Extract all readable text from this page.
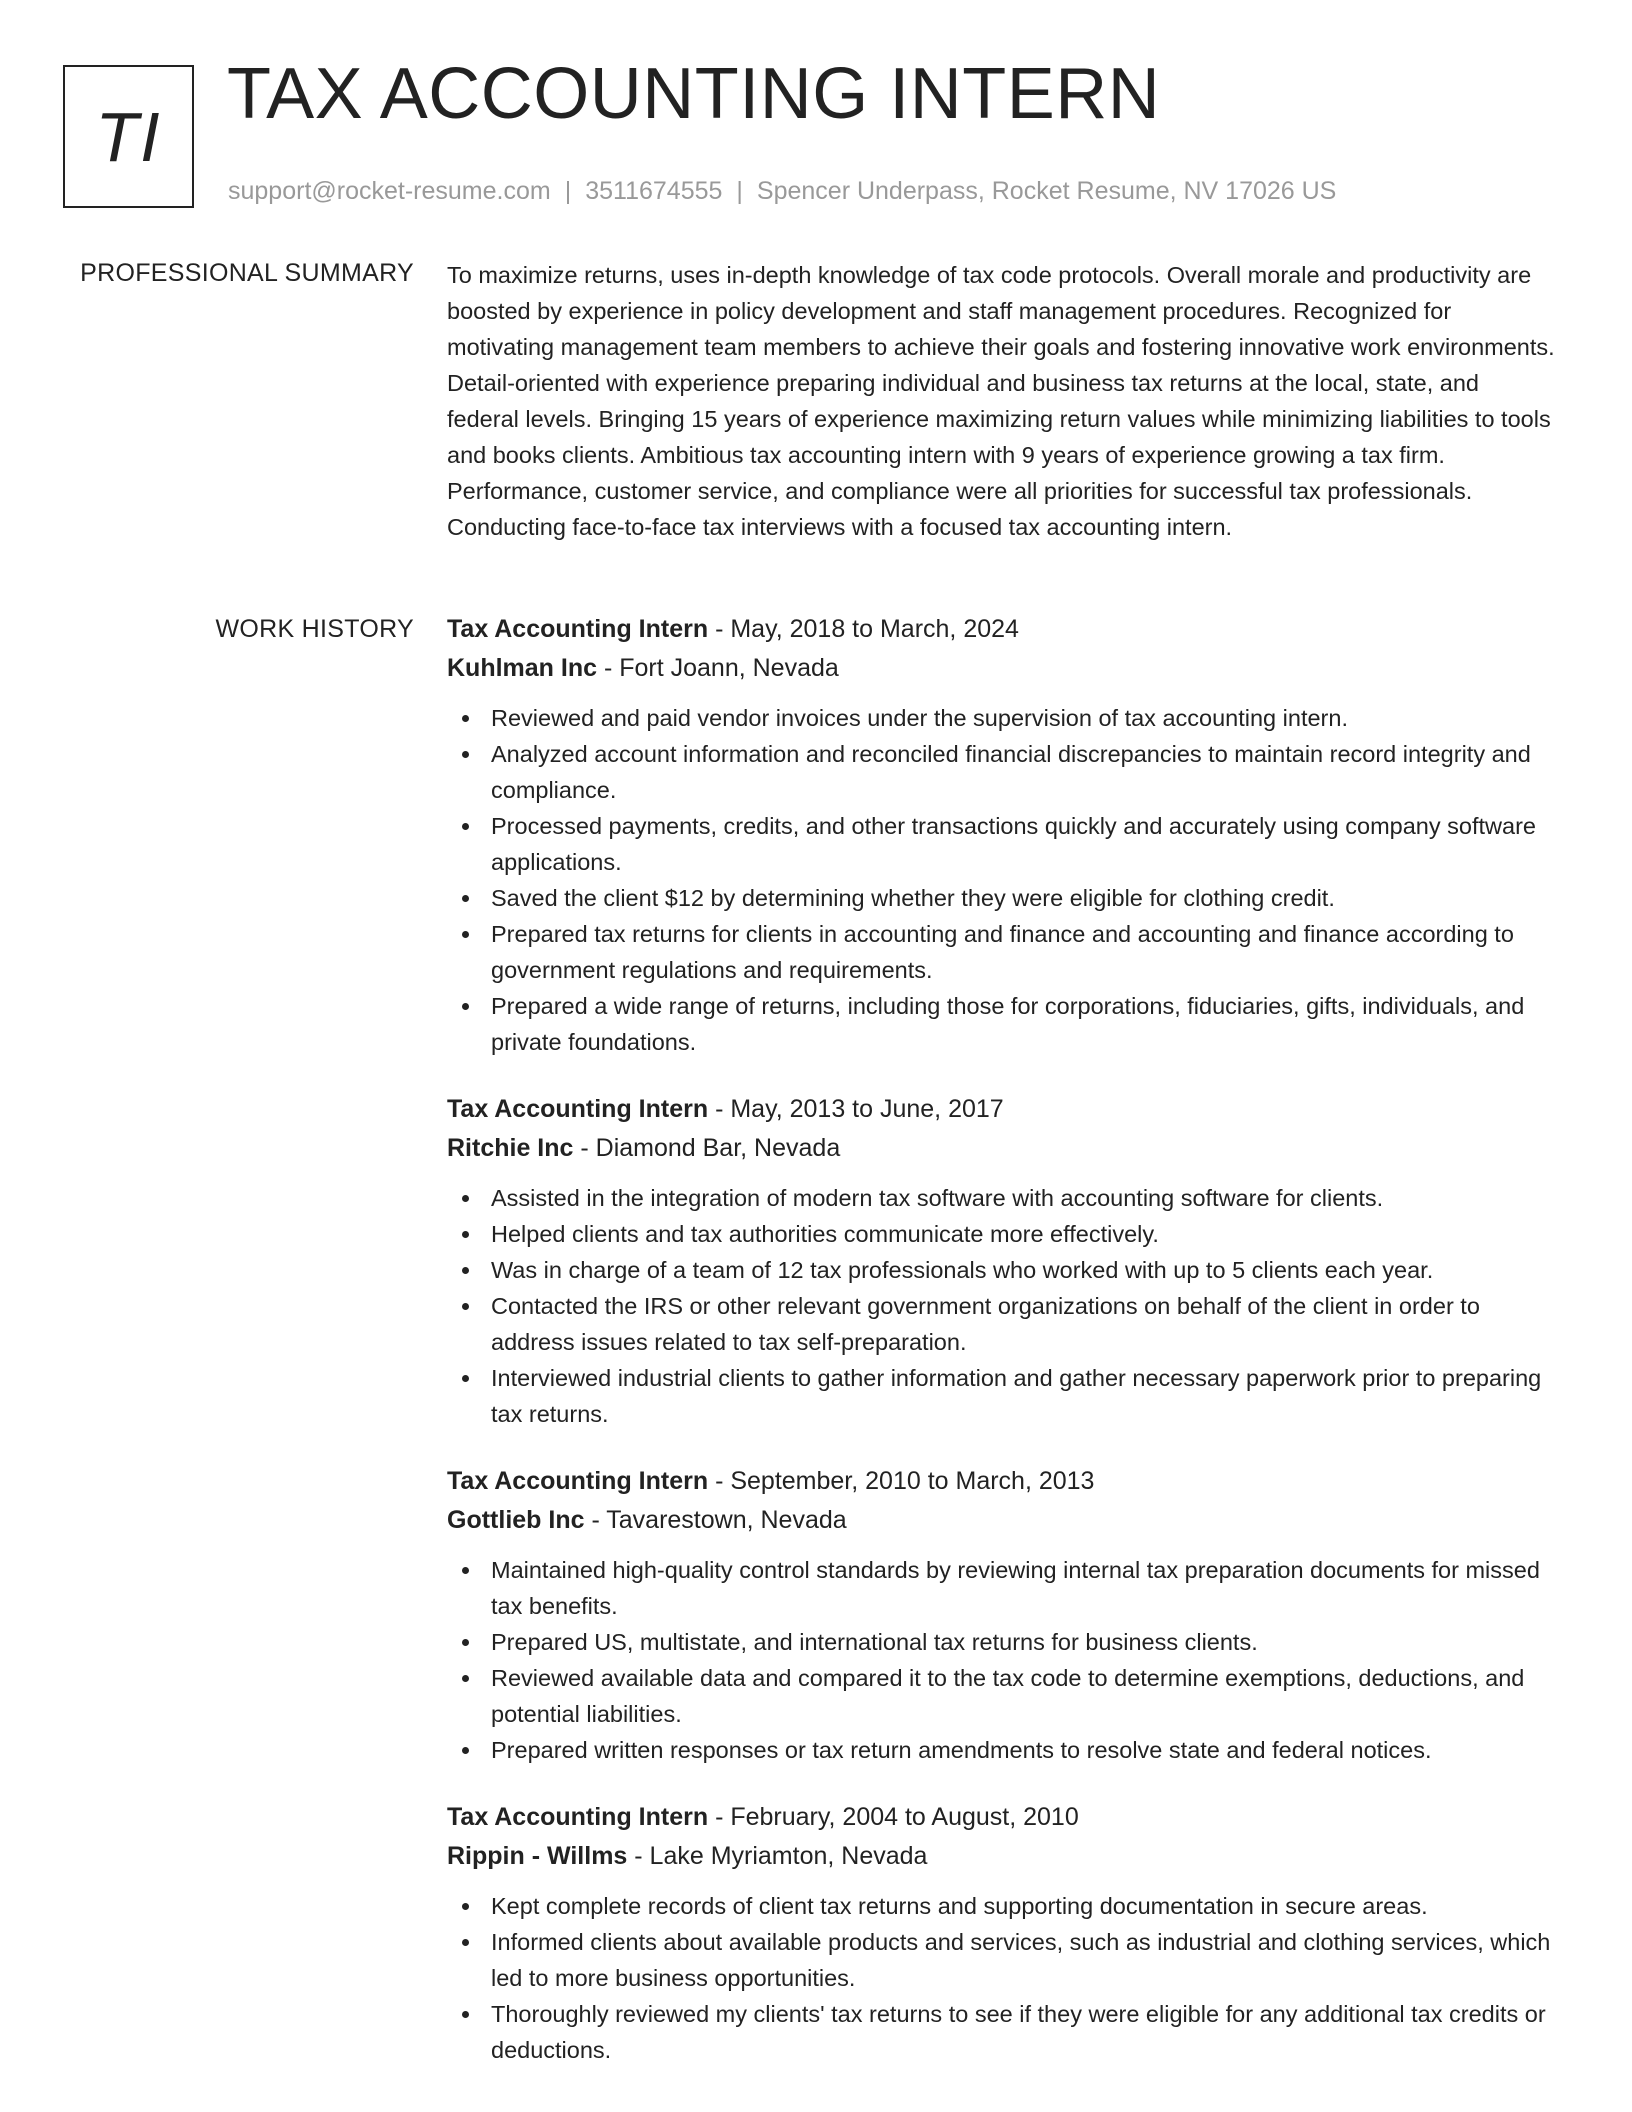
TI
TAX ACCOUNTING INTERN
support@rocket-resume.com | 3511674555 | Spencer Underpass, Rocket Resume, NV 17026 US
PROFESSIONAL SUMMARY To maximize returns, uses in-depth knowledge of tax code protocols. Overall morale and productivity are boosted by experience in policy development and staff management procedures. Recognized for motivating management team members to achieve their goals and fostering innovative work environments. Detail-oriented with experience preparing individual and business tax returns at the local, state, and federal levels. Bringing 15 years of experience maximizing return values while minimizing liabilities to tools and books clients. Ambitious tax accounting intern with 9 years of experience growing a tax firm. Performance, customer service, and compliance were all priorities for successful tax professionals. Conducting face-to-face tax interviews with a focused tax accounting intern.

WORK HISTORY Tax Accounting Intern - May, 2018 to March, 2024
Kuhlman Inc - Fort Joann, Nevada
Reviewed and paid vendor invoices under the supervision of tax accounting intern.
Analyzed account information and reconciled financial discrepancies to maintain record integrity and compliance.
Processed payments, credits, and other transactions quickly and accurately using company software applications.
Saved the client $12 by determining whether they were eligible for clothing credit.
Prepared tax returns for clients in accounting and finance and accounting and finance according to government regulations and requirements.
Prepared a wide range of returns, including those for corporations, fiduciaries, gifts, individuals, and private foundations.
Tax Accounting Intern - May, 2013 to June, 2017
Ritchie Inc - Diamond Bar, Nevada
Assisted in the integration of modern tax software with accounting software for clients.
Helped clients and tax authorities communicate more effectively.
Was in charge of a team of 12 tax professionals who worked with up to 5 clients each year.
Contacted the IRS or other relevant government organizations on behalf of the client in order to address issues related to tax self-preparation.
Interviewed industrial clients to gather information and gather necessary paperwork prior to preparing tax returns.
Tax Accounting Intern - September, 2010 to March, 2013
Gottlieb Inc - Tavarestown, Nevada
Maintained high-quality control standards by reviewing internal tax preparation documents for missed tax benefits.
Prepared US, multistate, and international tax returns for business clients.
Reviewed available data and compared it to the tax code to determine exemptions, deductions, and potential liabilities.
Prepared written responses or tax return amendments to resolve state and federal notices.
Tax Accounting Intern - February, 2004 to August, 2010
Rippin - Willms - Lake Myriamton, Nevada
Kept complete records of client tax returns and supporting documentation in secure areas.
Informed clients about available products and services, such as industrial and clothing services, which led to more business opportunities.
Thoroughly reviewed my clients' tax returns to see if they were eligible for any additional tax credits or deductions.
